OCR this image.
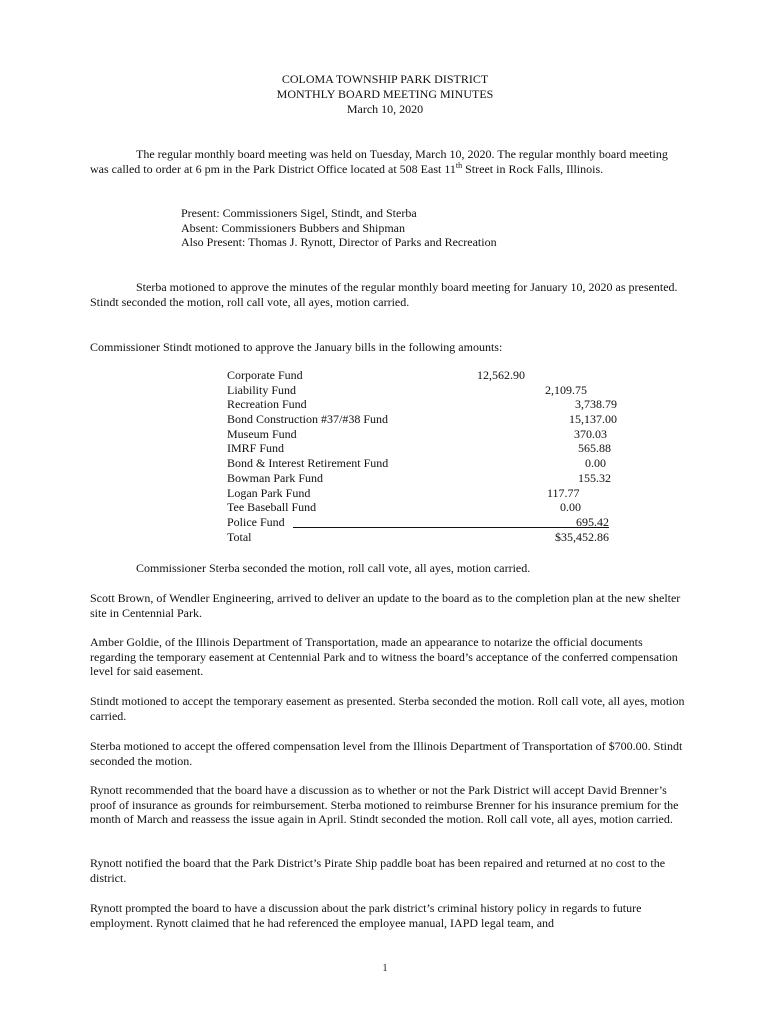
COLOMA TOWNSHIP PARK DISTRICT
MONTHLY BOARD MEETING MINUTES
March 10, 2020
The regular monthly board meeting was held on Tuesday, March 10, 2020. The regular monthly board meeting was called to order at 6 pm in the Park District Office located at 508 East 11th Street in Rock Falls, Illinois.
Present: Commissioners Sigel, Stindt, and Sterba
Absent: Commissioners Bubbers and Shipman
Also Present: Thomas J. Rynott, Director of Parks and Recreation
Sterba motioned to approve the minutes of the regular monthly board meeting for January 10, 2020 as presented. Stindt seconded the motion, roll call vote, all ayes, motion carried.
Commissioner Stindt motioned to approve the January bills in the following amounts:
Corporate Fund	12,562.90
Liability Fund	2,109.75
Recreation Fund	3,738.79
Bond Construction #37/#38 Fund	15,137.00
Museum Fund	370.03
IMRF Fund	565.88
Bond & Interest Retirement Fund	0.00
Bowman Park Fund	155.32
Logan Park Fund	117.77
Tee Baseball Fund	0.00
Police Fund	695.42
Total	$35,452.86
Commissioner Sterba seconded the motion, roll call vote, all ayes, motion carried.
Scott Brown, of Wendler Engineering, arrived to deliver an update to the board as to the completion plan at the new shelter site in Centennial Park.
Amber Goldie, of the Illinois Department of Transportation, made an appearance to notarize the official documents regarding the temporary easement at Centennial Park and to witness the board’s acceptance of the conferred compensation level for said easement.
Stindt motioned to accept the temporary easement as presented. Sterba seconded the motion. Roll call vote, all ayes, motion carried.
Sterba motioned to accept the offered compensation level from the Illinois Department of Transportation of $700.00. Stindt seconded the motion.
Rynott recommended that the board have a discussion as to whether or not the Park District will accept David Brenner’s proof of insurance as grounds for reimbursement. Sterba motioned to reimburse Brenner for his insurance premium for the month of March and reassess the issue again in April. Stindt seconded the motion. Roll call vote, all ayes, motion carried.
Rynott notified the board that the Park District’s Pirate Ship paddle boat has been repaired and returned at no cost to the district.
Rynott prompted the board to have a discussion about the park district’s criminal history policy in regards to future employment. Rynott claimed that he had referenced the employee manual, IAPD legal team, and
1
